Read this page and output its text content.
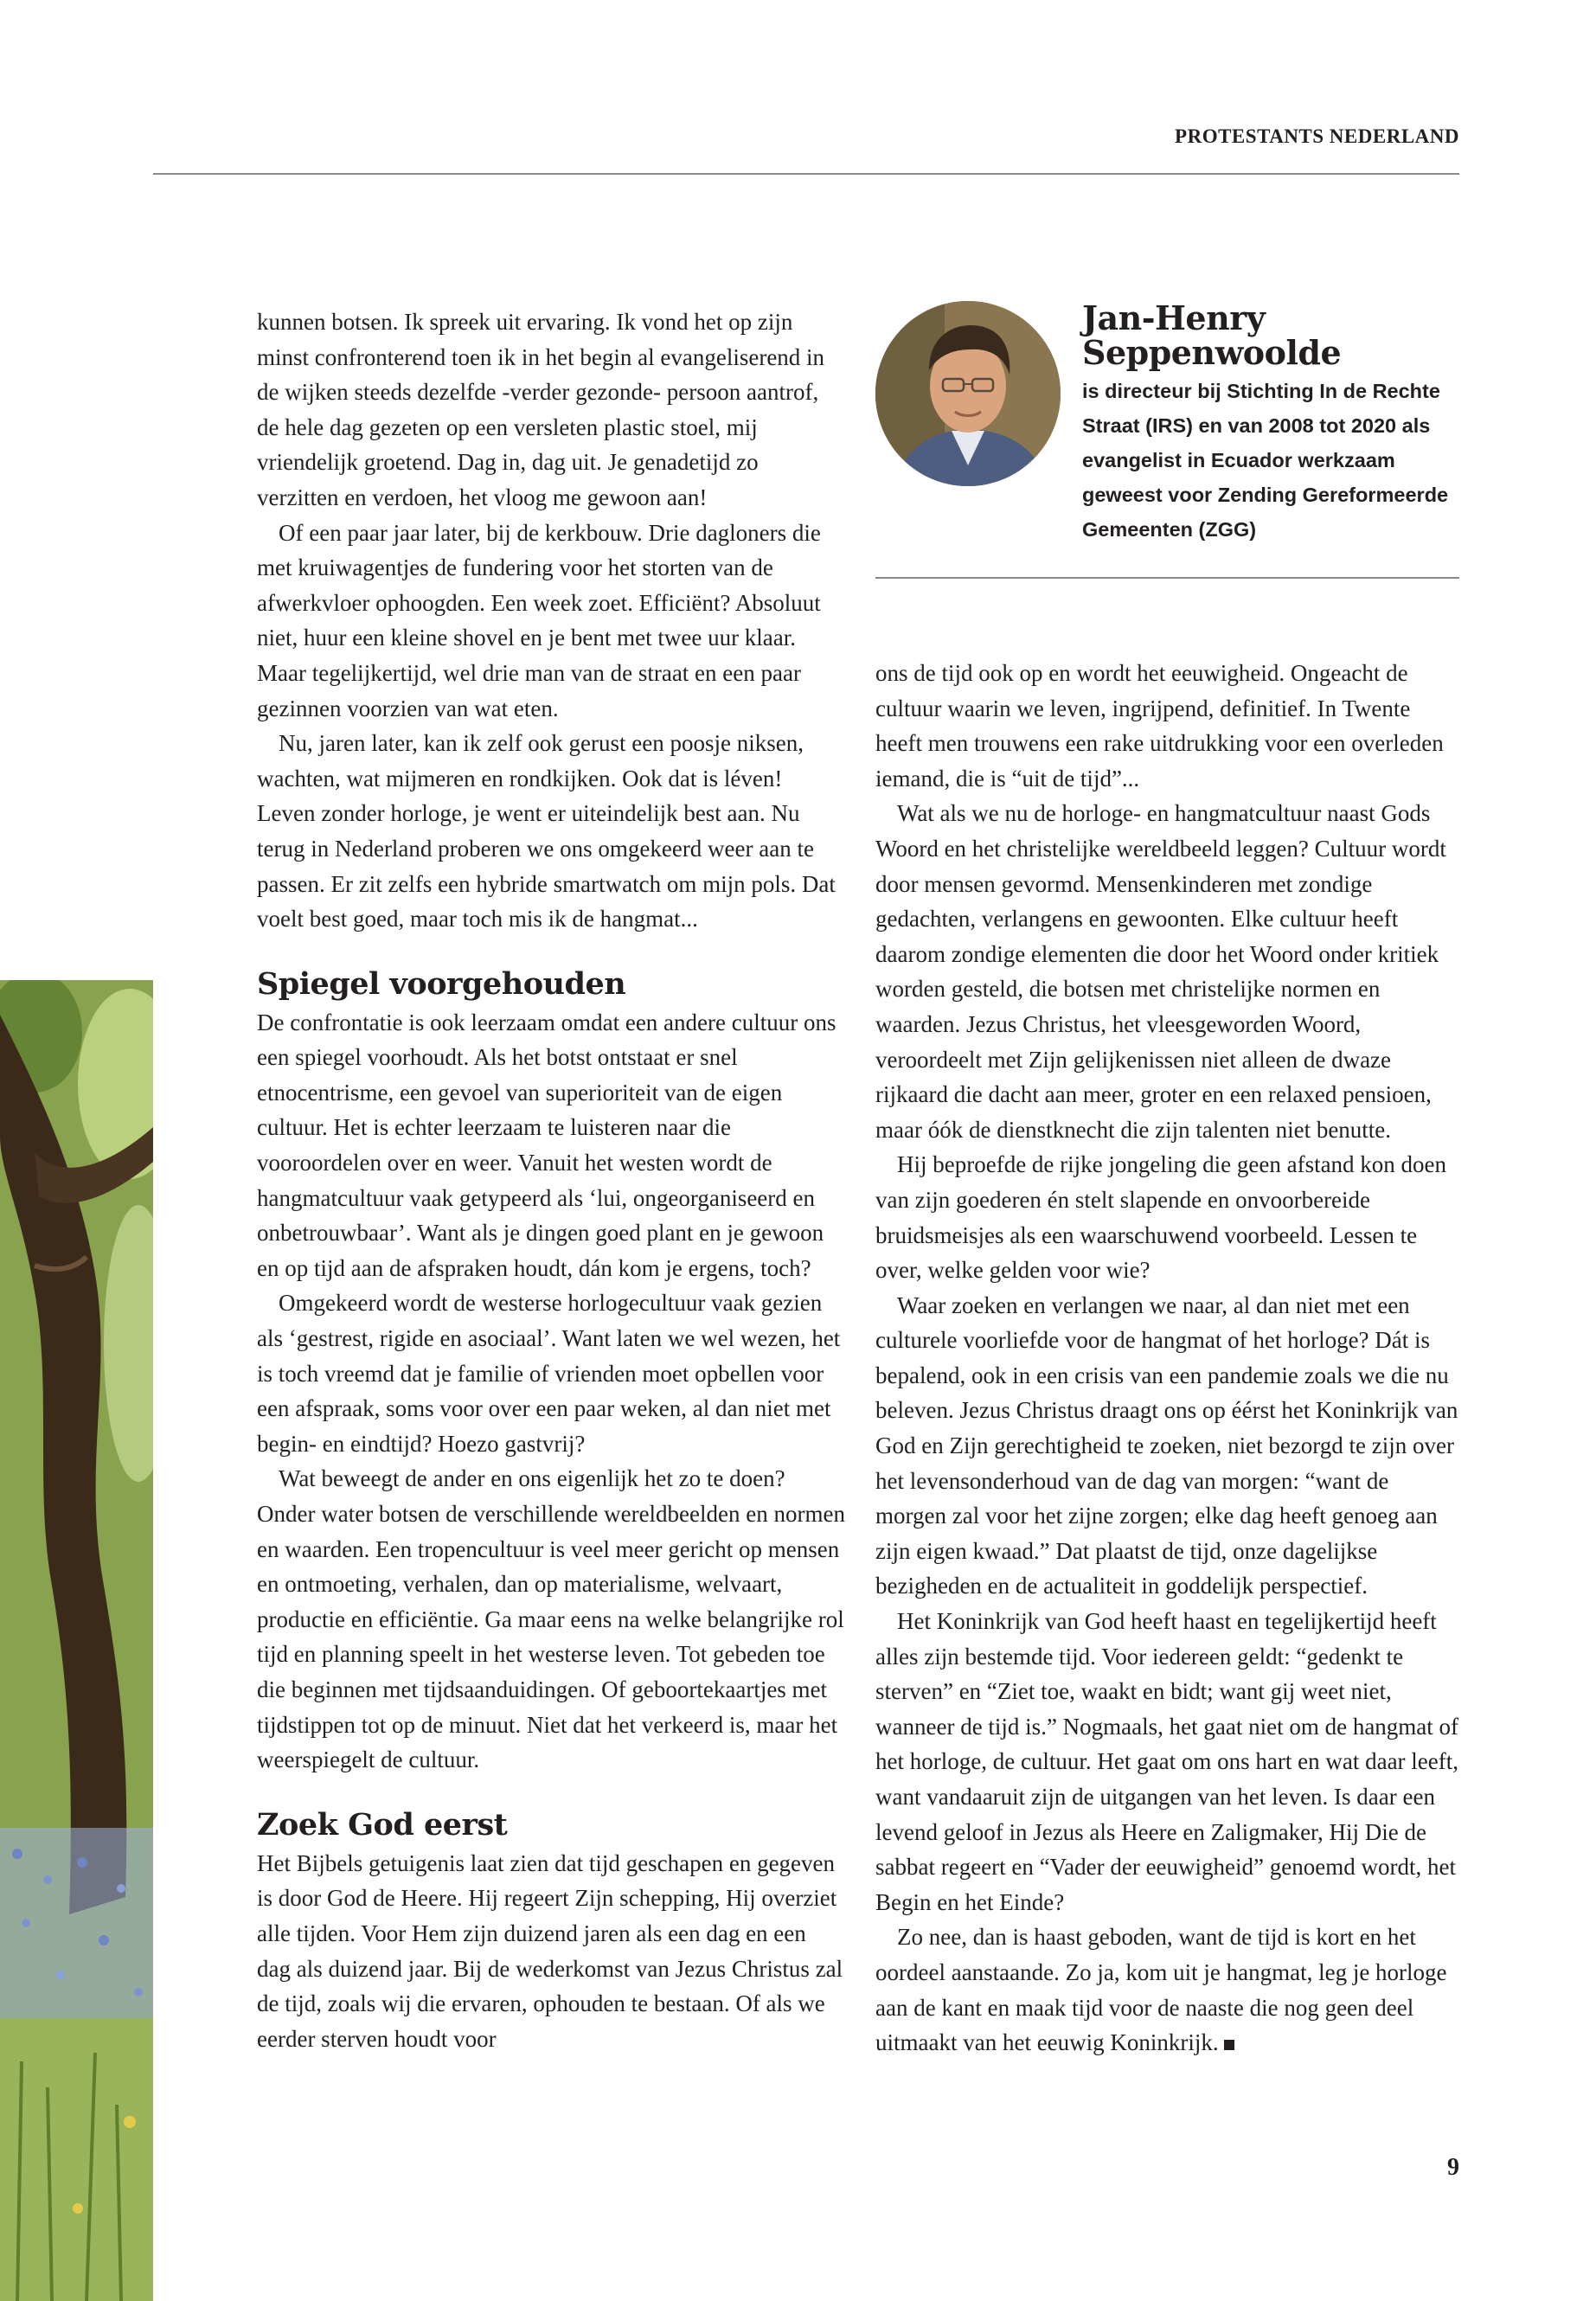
PROTESTANTS NEDERLAND
Jan-Henry Seppenwoolde
is directeur bij Stichting In de Rechte Straat (IRS) en van 2008 tot 2020 als evangelist in Ecuador werkzaam geweest voor Zending Gereformeerde Gemeenten (ZGG)

kunnen botsen. Ik spreek uit ervaring. Ik vond het op zijn minst confronterend toen ik in het begin al evangeliserend in de wijken steeds dezelfde -verder gezonde- persoon aantrof, de hele dag gezeten op een versleten plastic stoel, mij vriendelijk groetend. Dag in, dag uit. Je genadetijd zo verzitten en verdoen, het vloog me gewoon aan!

Of een paar jaar later, bij de kerkbouw. Drie dagloners die met kruiwagentjes de fundering voor het storten van de afwerkvloer ophoogden. Een week zoet. Efficiënt? Absoluut niet, huur een kleine shovel en je bent met twee uur klaar. Maar tegelijkertijd, wel drie man van de straat en een paar gezinnen voorzien van wat eten.

Nu, jaren later, kan ik zelf ook gerust een poosje niksen, wachten, wat mijmeren en rondkijken. Ook dat is léven! Leven zonder horloge, je went er uiteindelijk best aan. Nu terug in Nederland proberen we ons omgekeerd weer aan te passen. Er zit zelfs een hybride smartwatch om mijn pols. Dat voelt best goed, maar toch mis ik de hangmat...

Spiegel voorgehouden

De confrontatie is ook leerzaam omdat een andere cultuur ons een spiegel voorhoudt. Als het botst ontstaat er snel etnocentrisme, een gevoel van superioriteit van de eigen cultuur. Het is echter leerzaam te luisteren naar die vooroordelen over en weer. Vanuit het westen wordt de hangmatcultuur vaak getypeerd als ‘lui, ongeorganiseerd en onbetrouwbaar’. Want als je dingen goed plant en je gewoon en op tijd aan de afspraken houdt, dán kom je ergens, toch?

Omgekeerd wordt de westerse horlogecultuur vaak gezien als ‘gestrest, rigide en asociaal’. Want laten we wel wezen, het is toch vreemd dat je familie of vrienden moet opbellen voor een afspraak, soms voor over een paar weken, al dan niet met begin- en eindtijd? Hoezo gastvrij?

Wat beweegt de ander en ons eigenlijk het zo te doen? Onder water botsen de verschillende wereldbeelden en normen en waarden. Een tropencultuur is veel meer gericht op mensen en ontmoeting, verhalen, dan op materialisme, welvaart, productie en efficiëntie. Ga maar eens na welke belangrijke rol tijd en planning speelt in het westerse leven. Tot gebeden toe die beginnen met tijdsaanduidingen. Of geboortekaartjes met tijdstippen tot op de minuut. Niet dat het verkeerd is, maar het weerspiegelt de cultuur.

Zoek God eerst

Het Bijbels getuigenis laat zien dat tijd geschapen en gegeven is door God de Heere. Hij regeert Zijn schepping, Hij overziet alle tijden. Voor Hem zijn duizend jaren als een dag en een dag als duizend jaar. Bij de wederkomst van Jezus Christus zal de tijd, zoals wij die ervaren, ophouden te bestaan. Of als we eerder sterven houdt voor

ons de tijd ook op en wordt het eeuwigheid. Ongeacht de cultuur waarin we leven, ingrijpend, definitief. In Twente heeft men trouwens een rake uitdrukking voor een overleden iemand, die is “uit de tijd”...

Wat als we nu de horloge- en hangmatcultuur naast Gods Woord en het christelijke wereldbeeld leggen? Cultuur wordt door mensen gevormd. Mensenkinderen met zondige gedachten, verlangens en gewoonten. Elke cultuur heeft daarom zondige elementen die door het Woord onder kritiek worden gesteld, die botsen met christelijke normen en waarden. Jezus Christus, het vleesgeworden Woord, veroordeelt met Zijn gelijkenissen niet alleen de dwaze rijkaard die dacht aan meer, groter en een relaxed pensioen, maar óók de dienstknecht die zijn talenten niet benutte.

Hij beproefde de rijke jongeling die geen afstand kon doen van zijn goederen én stelt slapende en onvoorbereide bruidsmeisjes als een waarschuwend voorbeeld. Lessen te over, welke gelden voor wie?

Waar zoeken en verlangen we naar, al dan niet met een culturele voorliefde voor de hangmat of het horloge? Dát is bepalend, ook in een crisis van een pandemie zoals we die nu beleven. Jezus Christus draagt ons op éérst het Koninkrijk van God en Zijn gerechtigheid te zoeken, niet bezorgd te zijn over het levensonderhoud van de dag van morgen: “want de morgen zal voor het zijne zorgen; elke dag heeft genoeg aan zijn eigen kwaad.” Dat plaatst de tijd, onze dagelijkse bezigheden en de actualiteit in goddelijk perspectief.

Het Koninkrijk van God heeft haast en tegelijkertijd heeft alles zijn bestemde tijd. Voor iedereen geldt: “gedenkt te sterven” en “Ziet toe, waakt en bidt; want gij weet niet, wanneer de tijd is.” Nogmaals, het gaat niet om de hangmat of het horloge, de cultuur. Het gaat om ons hart en wat daar leeft, want vandaaruit zijn de uitgangen van het leven. Is daar een levend geloof in Jezus als Heere en Zaligmaker, Hij Die de sabbat regeert en “Vader der eeuwigheid” genoemd wordt, het Begin en het Einde?

Zo nee, dan is haast geboden, want de tijd is kort en het oordeel aanstaande. Zo ja, kom uit je hangmat, leg je horloge aan de kant en maak tijd voor de naaste die nog geen deel uitmaakt van het eeuwig Koninkrijk.

9
